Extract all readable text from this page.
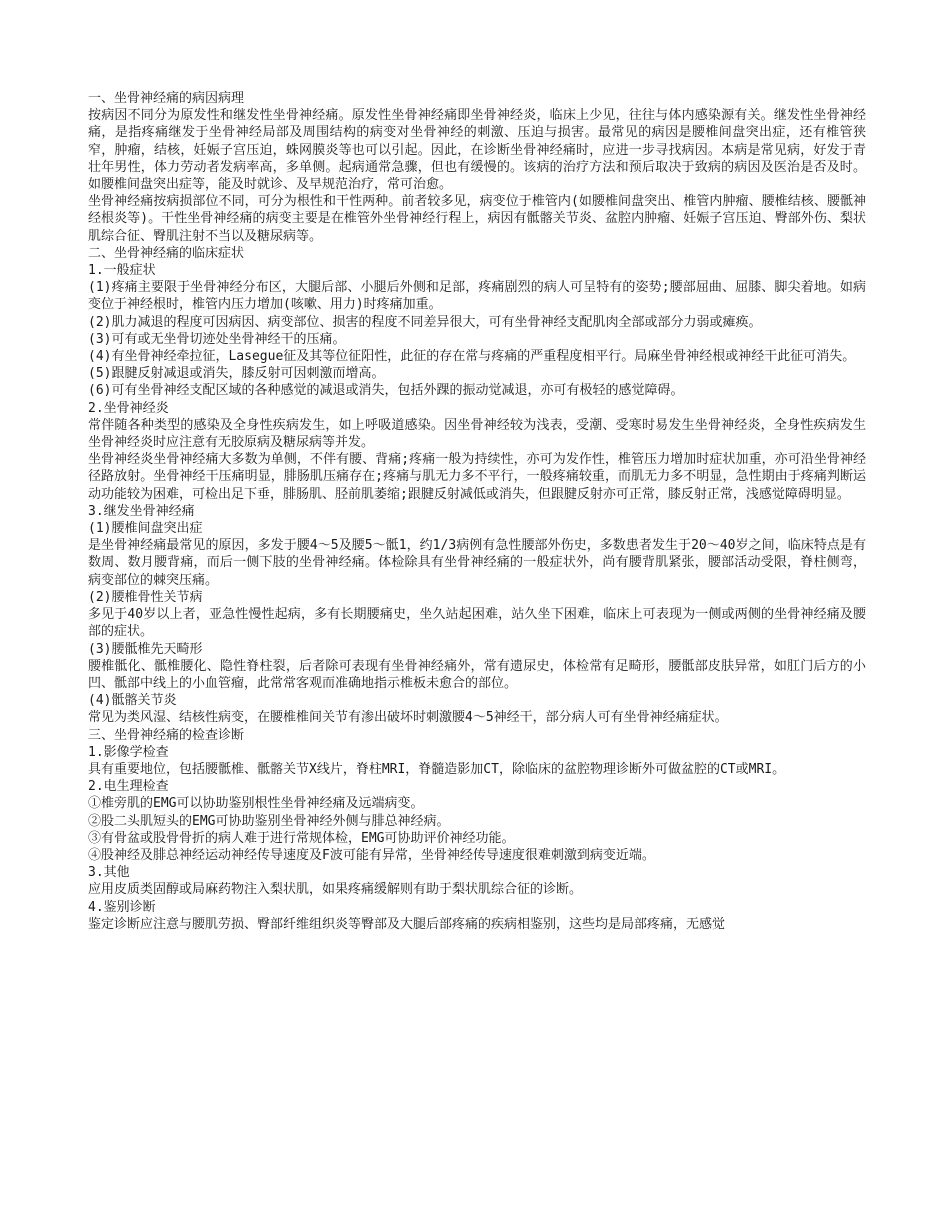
一、坐骨神经痛的病因病理

按病因不同分为原发性和继发性坐骨神经痛。原发性坐骨神经痛即坐骨神经炎，临床上少见，往往与体内感染源有关。继发性坐骨神经痛，是指疼痛继发于坐骨神经局部及周围结构的病变对坐骨神经的刺激、压迫与损害。最常见的病因是腰椎间盘突出症，还有椎管狭窄，肿瘤，结核，妊娠子宫压迫，蛛网膜炎等也可以引起。因此，在诊断坐骨神经痛时，应进一步寻找病因。本病是常见病，好发于青壮年男性，体力劳动者发病率高，多单侧。起病通常急骤，但也有缓慢的。该病的治疗方法和预后取决于致病的病因及医治是否及时。如腰椎间盘突出症等，能及时就诊、及早规范治疗，常可治愈。

坐骨神经痛按病损部位不同，可分为根性和干性两种。前者较多见，病变位于椎管内(如腰椎间盘突出、椎管内肿瘤、腰椎结核、腰骶神经根炎等)。干性坐骨神经痛的病变主要是在椎管外坐骨神经行程上，病因有骶髂关节炎、盆腔内肿瘤、妊娠子宫压迫、臀部外伤、梨状肌综合征、臀肌注射不当以及糖尿病等。

二、坐骨神经痛的临床症状

1.一般症状

(1)疼痛主要限于坐骨神经分布区，大腿后部、小腿后外侧和足部，疼痛剧烈的病人可呈特有的姿势;腰部屈曲、屈膝、脚尖着地。如病变位于神经根时，椎管内压力增加(咳嗽、用力)时疼痛加重。

(2)肌力减退的程度可因病因、病变部位、损害的程度不同差异很大，可有坐骨神经支配肌肉全部或部分力弱或瘫痪。

(3)可有或无坐骨切迹处坐骨神经干的压痛。

(4)有坐骨神经牵拉征，Lasegue征及其等位征阳性，此征的存在常与疼痛的严重程度相平行。局麻坐骨神经根或神经干此征可消失。

(5)跟腱反射减退或消失，膝反射可因刺激而增高。

(6)可有坐骨神经支配区域的各种感觉的减退或消失，包括外踝的振动觉减退，亦可有极轻的感觉障碍。

2.坐骨神经炎

常伴随各种类型的感染及全身性疾病发生，如上呼吸道感染。因坐骨神经较为浅表，受潮、受寒时易发生坐骨神经炎，全身性疾病发生坐骨神经炎时应注意有无胶原病及糖尿病等并发。

坐骨神经炎坐骨神经痛大多数为单侧，不伴有腰、背痛;疼痛一般为持续性，亦可为发作性，椎管压力增加时症状加重，亦可沿坐骨神经径路放射。坐骨神经干压痛明显，腓肠肌压痛存在;疼痛与肌无力多不平行，一般疼痛较重，而肌无力多不明显，急性期由于疼痛判断运动功能较为困难，可检出足下垂，腓肠肌、胫前肌萎缩;跟腱反射减低或消失，但跟腱反射亦可正常，膝反射正常，浅感觉障碍明显。

3.继发坐骨神经痛

(1)腰椎间盘突出症

是坐骨神经痛最常见的原因，多发于腰4～5及腰5～骶1，约1/3病例有急性腰部外伤史，多数患者发生于20～40岁之间，临床特点是有数周、数月腰背痛，而后一侧下肢的坐骨神经痛。体检除具有坐骨神经痛的一般症状外，尚有腰背肌紧张，腰部活动受限，脊柱侧弯，病变部位的棘突压痛。

(2)腰椎骨性关节病

多见于40岁以上者，亚急性慢性起病，多有长期腰痛史，坐久站起困难，站久坐下困难，临床上可表现为一侧或两侧的坐骨神经痛及腰部的症状。

(3)腰骶椎先天畸形

腰椎骶化、骶椎腰化、隐性脊柱裂，后者除可表现有坐骨神经痛外，常有遗尿史，体检常有足畸形，腰骶部皮肤异常，如肛门后方的小凹、骶部中线上的小血管瘤，此常常客观而准确地指示椎板未愈合的部位。

(4)骶髂关节炎

常见为类风湿、结核性病变，在腰椎椎间关节有渗出破坏时刺激腰4～5神经干，部分病人可有坐骨神经痛症状。

三、坐骨神经痛的检查诊断

1.影像学检查

具有重要地位，包括腰骶椎、骶髂关节X线片，脊柱MRI，脊髓造影加CT，除临床的盆腔物理诊断外可做盆腔的CT或MRI。

2.电生理检查

①椎旁肌的EMG可以协助鉴别根性坐骨神经痛及远端病变。

②股二头肌短头的EMG可协助鉴别坐骨神经外侧与腓总神经病。

③有骨盆或股骨骨折的病人难于进行常规体检，EMG可协助评价神经功能。

④股神经及腓总神经运动神经传导速度及F波可能有异常，坐骨神经传导速度很难刺激到病变近端。

3.其他

应用皮质类固醇或局麻药物注入梨状肌，如果疼痛缓解则有助于梨状肌综合征的诊断。

4.鉴别诊断

鉴定诊断应注意与腰肌劳损、臀部纤维组织炎等臀部及大腿后部疼痛的疾病相鉴别，这些均是局部疼痛，无感觉
